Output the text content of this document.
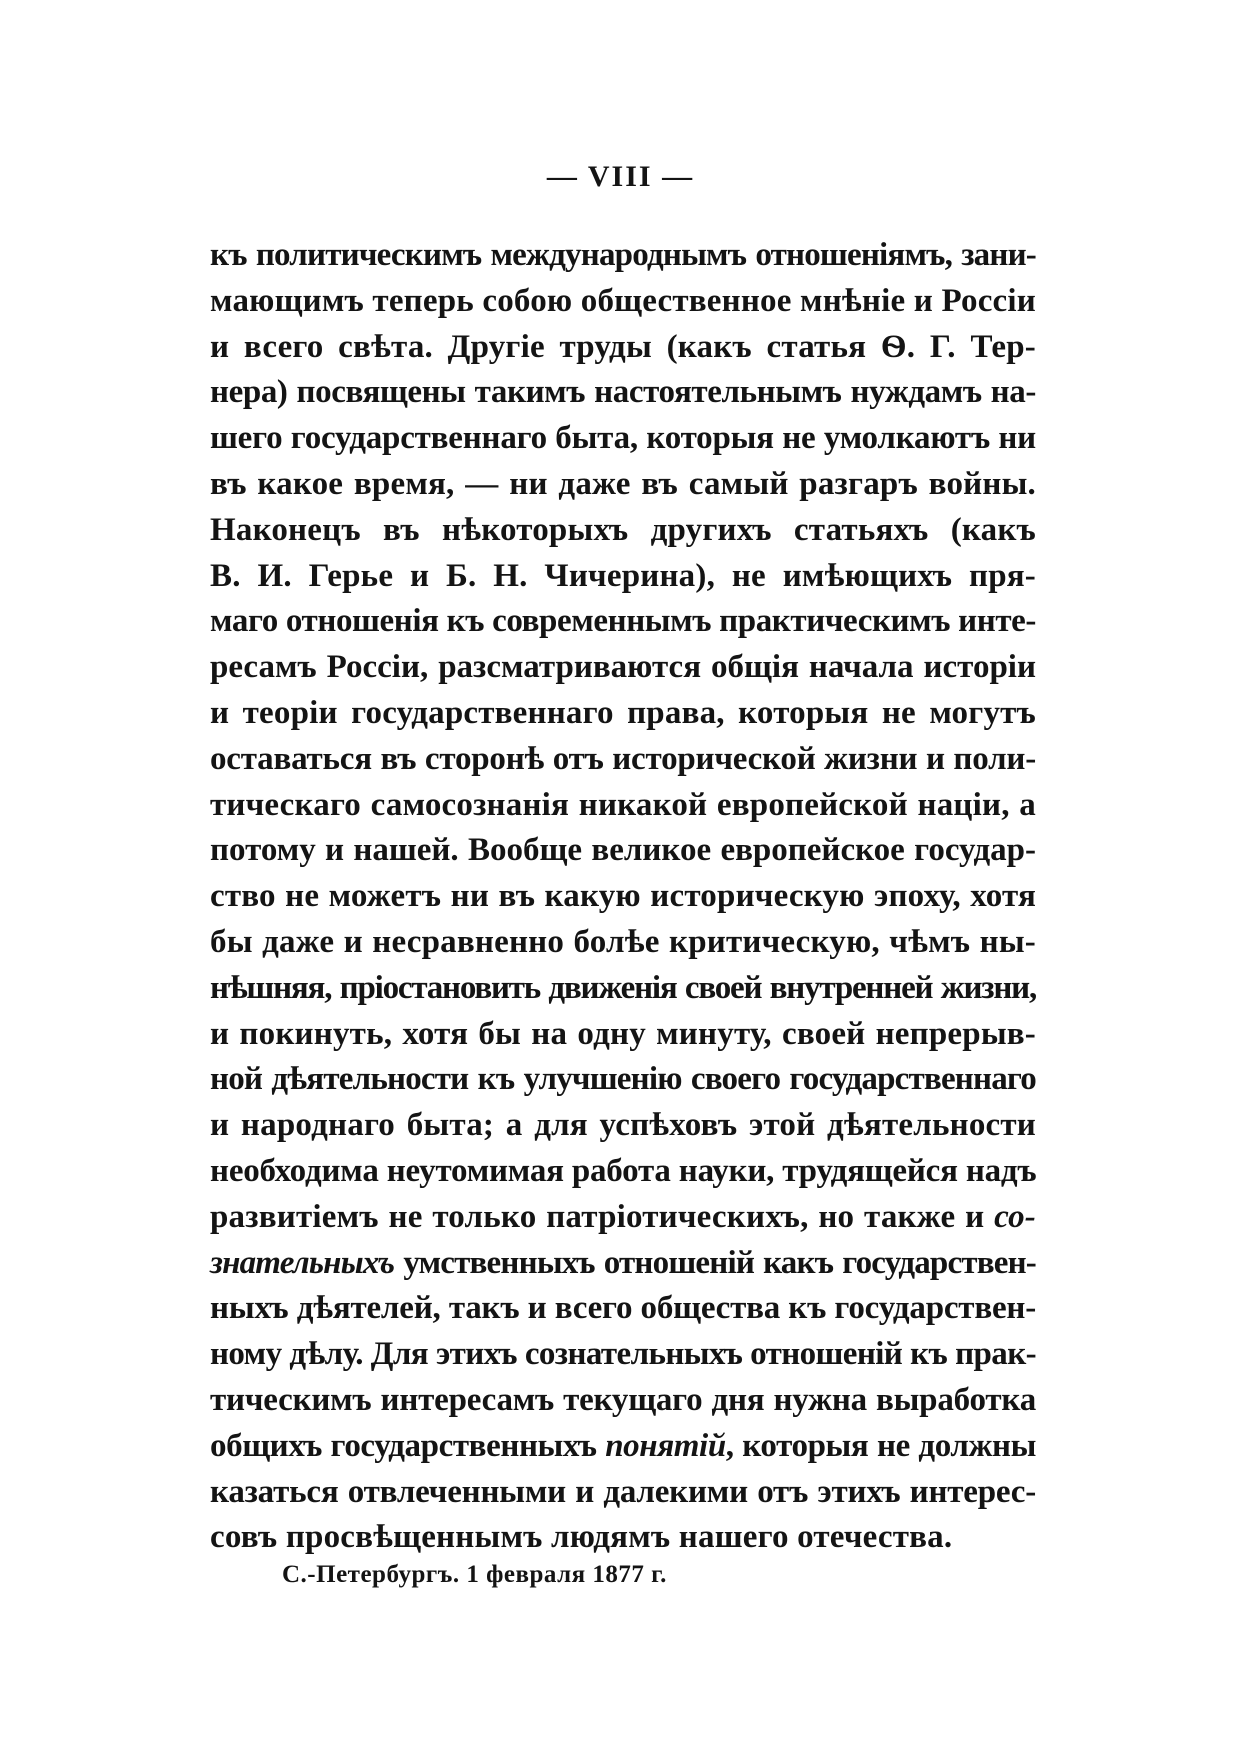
— VIII —
къ политическимъ международнымъ отношеніямъ, зани-
мающимъ теперь собою общественное мнѣніе и Россіи
и всего свѣта. Другіе труды (какъ статья Ѳ. Г. Тер-
нера) посвящены такимъ настоятельнымъ нуждамъ на-
шего государственнаго быта, которыя не умолкаютъ ни
въ какое время, — ни даже въ самый разгаръ войны.
Наконецъ въ нѣкоторыхъ другихъ статьяхъ (какъ
В. И. Герье и Б. Н. Чичерина), не имѣющихъ пря-
маго отношенія къ современнымъ практическимъ инте-
ресамъ Россіи, разсматриваются общія начала исторіи
и теоріи государственнаго права, которыя не могутъ
оставаться въ сторонѣ отъ исторической жизни и поли-
тическаго самосознанія никакой европейской націи, а
потому и нашей. Вообще великое европейское государ-
ство не можетъ ни въ какую историческую эпоху, хотя
бы даже и несравненно болѣе критическую, чѣмъ ны-
нѣшняя, пріостановить движенія своей внутренней жизни,
и покинуть, хотя бы на одну минуту, своей непрерыв-
ной дѣятельности къ улучшенію своего государственнаго
и народнаго быта; а для успѣховъ этой дѣятельности
необходима неутомимая работа науки, трудящейся надъ
развитіемъ не только патріотическихъ, но также и со-
знательныхъ умственныхъ отношеній какъ государствен-
ныхъ дѣятелей, такъ и всего общества къ государствен-
ному дѣлу. Для этихъ сознательныхъ отношеній къ прак-
тическимъ интересамъ текущаго дня нужна выработка
общихъ государственныхъ понятій, которыя не должны
казаться отвлеченными и далекими отъ этихъ интерес-
совъ просвѣщеннымъ людямъ нашего отечества.
С.-Петербургъ. 1 февраля 1877 г.
